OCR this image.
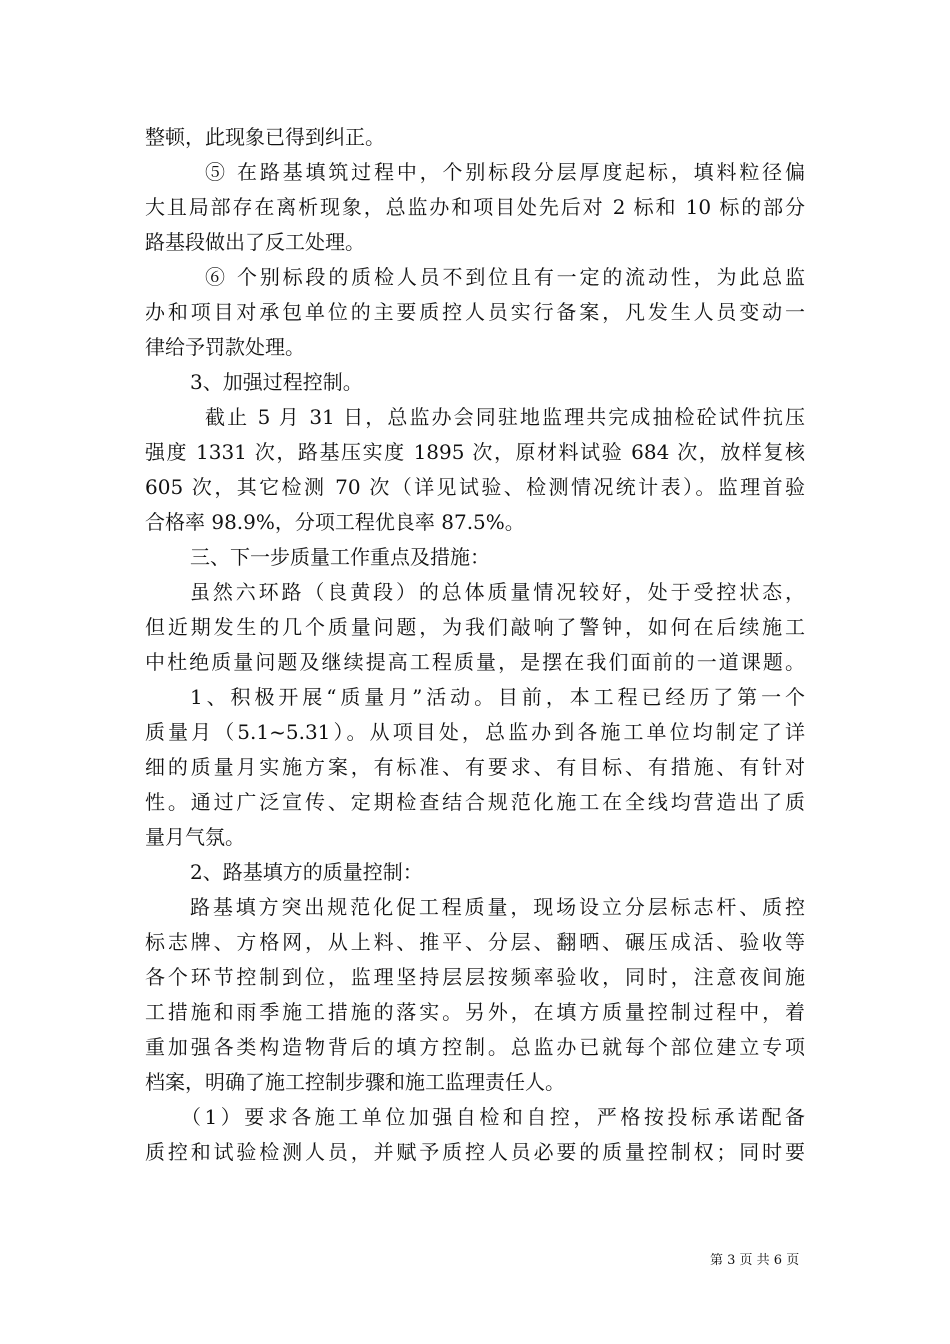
整顿，此现象已得到纠正。
⑤ 在路基填筑过程中，个别标段分层厚度起标，填料粒径偏
大且局部存在离析现象，总监办和项目处先后对 2 标和 10 标的部分
路基段做出了反工处理。
⑥ 个别标段的质检人员不到位且有一定的流动性，为此总监
办和项目对承包单位的主要质控人员实行备案，凡发生人员变动一
律给予罚款处理。
3、加强过程控制。
截止 5 月 31 日，总监办会同驻地监理共完成抽检砼试件抗压
强度 1331 次，路基压实度 1895 次，原材料试验 684 次，放样复核
605 次，其它检测 70 次（详见试验、检测情况统计表）。监理首验
合格率 98.9%，分项工程优良率 87.5%。
三、下一步质量工作重点及措施：
虽然六环路（良黄段）的总体质量情况较好，处于受控状态，
但近期发生的几个质量问题，为我们敲响了警钟，如何在后续施工
中杜绝质量问题及继续提高工程质量，是摆在我们面前的一道课题。
1、积极开展“质量月”活动。目前，本工程已经历了第一个
质量月（5.1~5.31）。从项目处，总监办到各施工单位均制定了详
细的质量月实施方案，有标准、有要求、有目标、有措施、有针对
性。通过广泛宣传、定期检查结合规范化施工在全线均营造出了质
量月气氛。
2、路基填方的质量控制：
路基填方突出规范化促工程质量，现场设立分层标志杆、质控
标志牌、方格网，从上料、推平、分层、翻晒、碾压成活、验收等
各个环节控制到位，监理坚持层层按频率验收，同时，注意夜间施
工措施和雨季施工措施的落实。另外，在填方质量控制过程中，着
重加强各类构造物背后的填方控制。总监办已就每个部位建立专项
档案，明确了施工控制步骤和施工监理责任人。
（1）要求各施工单位加强自检和自控，严格按投标承诺配备
质控和试验检测人员，并赋予质控人员必要的质量控制权；同时要
第 3 页 共 6 页
